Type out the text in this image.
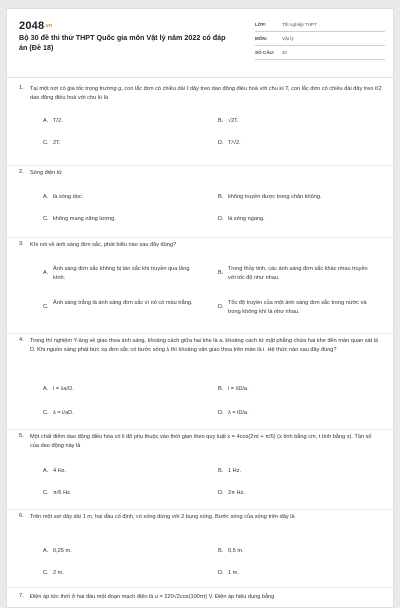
2048.vn
Bộ 30 đề thi thử THPT Quốc gia môn Vật lý năm 2022 có đáp án (Đề 18)
LỚP:	Tốt nghiệp THPT
MÔN:	Vật lý
SỐ CÂU:	40
1. Tại một nơi có gia tốc trọng trường g, con lắc đơn có chiều dài ℓ dây treo dao động điều hoà với chu kì T, con lắc đơn có chiều dài dây treo ℓ/2 dao động điều hoà với chu kì là
A. T/2.	B. √2T.
C. 2T.	D. T/√2.
2. Sóng điện từ
A. là sóng dọc.	B. không truyền được trong chân không.
C. không mang năng lượng.	D. là sóng ngang.
3. Khi nói về ánh sáng đơn sắc, phát biểu nào sau đây đúng?
A.
Ánh sáng đơn sắc không bị tán sắc khi truyền qua lăng kính.
B.
Trong thủy tinh, các ánh sáng đơn sắc khác nhau truyền với tốc độ như nhau.
C.
Ánh sáng trắng là ánh sáng đơn sắc vì nó có màu trắng.
D.
Tốc độ truyền của một ánh sáng đơn sắc trong nước và trong không khí là như nhau.
4. Trong thí nghiệm Y-âng về giao thoa ánh sáng, khoảng cách giữa hai khe là a, khoảng cách từ mặt phẳng chứa hai khe đến màn quan sát là D. Khi nguồn sáng phát bức xạ đơn sắc có bước sóng λ thì khoảng vân giao thoa trên màn là i. Hệ thức nào sau đây đúng?
A. i = λa/D.	B. i = λD/a.
C. λ = i/aD.	D. λ = iD/a.
5. Một chất điểm dao động điều hòa có li độ phụ thuộc vào thời gian theo quy luật x = 4cos(2πt + π/6) (x tính bằng cm, t tính bằng s). Tần số của dao động này là
A. 4 Hz.	B. 1 Hz.
C. π/6 Hz.	D. 2π Hz.
6. Trên một sợi dây dài 1 m, hai đầu cố định, có sóng dừng với 2 bụng sóng. Bước sóng của sóng trên dây là
A. 0,25 m.	B. 0,5 m.
C. 2 m.	D. 1 m.
7. Điện áp tức thời ở hai đầu một đoạn mạch điện là u = 220√2cos(100πt) V. Điện áp hiệu dụng bằng
